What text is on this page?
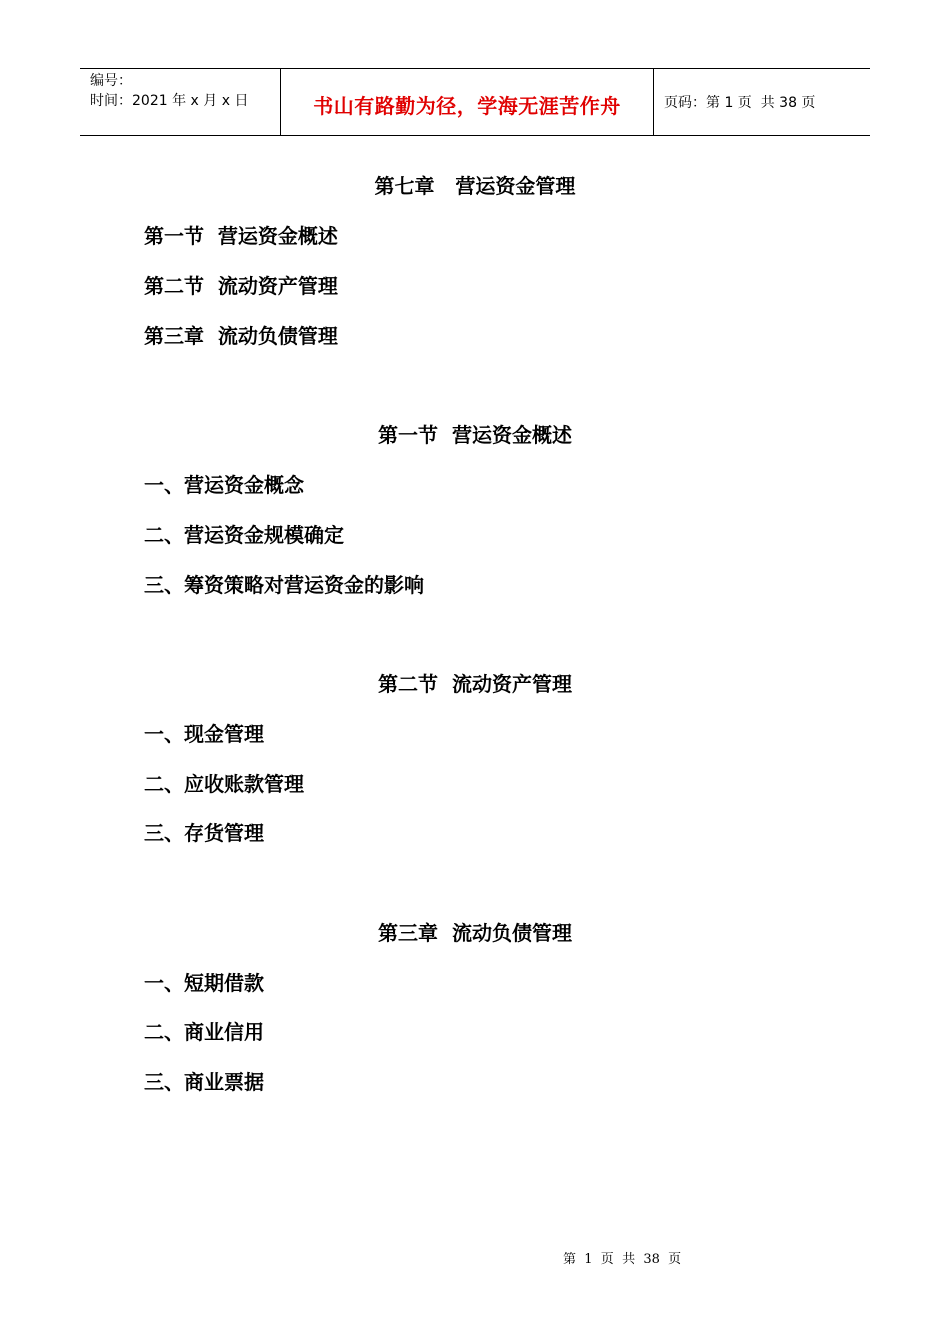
编号：
时间：2021 年 x 月 x 日	书山有路勤为径，学海无涯苦作舟	页码：第 1 页  共 38 页
第七章   营运资金管理
第一节  营运资金概述
第二节  流动资产管理
第三章  流动负债管理
第一节  营运资金概述
一、营运资金概念
二、营运资金规模确定
三、筹资策略对营运资金的影响
第二节  流动资产管理
一、现金管理
二、应收账款管理
三、存货管理
第三章  流动负债管理
一、短期借款
二、商业信用
三、商业票据
第  1  页  共  38  页
